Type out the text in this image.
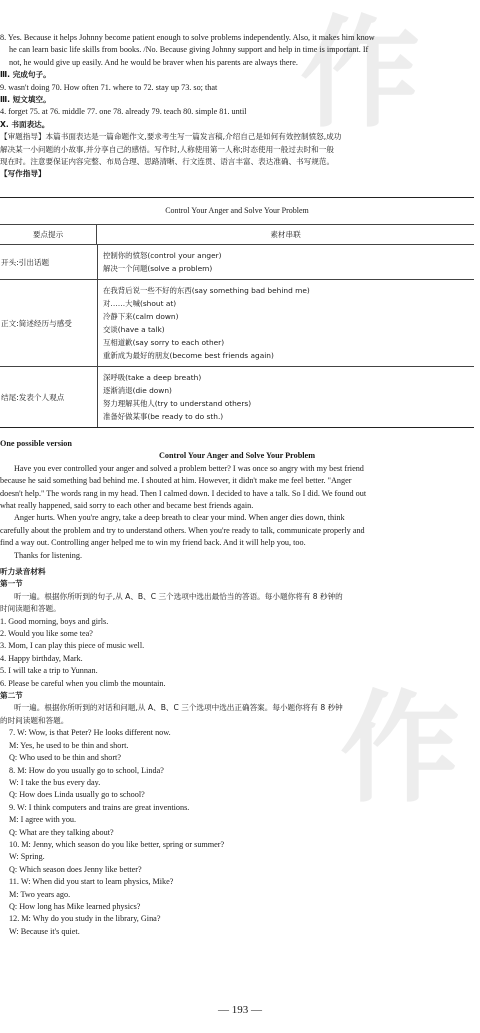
8. Yes. Because it helps Johnny become patient enough to solve problems independently. Also, it makes him know
he can learn basic life skills from books. /No. Because giving Johnny support and help in time is important. If
not, he would give up easily. And he would be braver when his parents are always there.
Ⅲ. 完成句子。
9. wasn't doing 70. How often 71. where to 72. stay up 73. so; that
Ⅲ. 短文填空。
4. forget 75. at 76. middle 77. one 78. already 79. teach 80. simple 81. until
X. 书面表达。
【审题指导】本篇书面表达是一篇命题作文,要求考生写一篇发言稿,介绍自己是如何有效控制愤怒,成功
解决某一小问题的小故事,并分享自己的感悟。写作时,人称使用第一人称;时态使用一般过去时和一般
现在时。注意要保证内容完整、布局合理、思路清晰、行文连贯、语言丰富、表达准确、书写规范。
【写作指导】
Control Your Anger and Solve Your Problem
要点提示	素材串联
开头:引出话题
控制你的愤怒(control your anger)
解决一个问题(solve a problem)
正文:简述经历与感受
在我背后说一些不好的东西(say something bad behind me)
对……大喊(shout at)
冷静下来(calm down)
交谈(have a talk)
互相道歉(say sorry to each other)
重新成为最好的朋友(become best friends again)
结尾:发表个人观点
深呼吸(take a deep breath)
逐渐消退(die down)
努力理解其他人(try to understand others)
准备好做某事(be ready to do sth.)
One possible version
Control Your Anger and Solve Your Problem
Have you ever controlled your anger and solved a problem better? I was once so angry with my best friend
because he said something bad behind me. I shouted at him. However, it didn't make me feel better. "Anger
doesn't help." The words rang in my head. Then I calmed down. I decided to have a talk. So I did. We found out
what really happened, said sorry to each other and became best friends again.
Anger hurts. When you're angry, take a deep breath to clear your mind. When anger dies down, think
carefully about the problem and try to understand others. When you're ready to talk, communicate properly and
find a way out. Controlling anger helped me to win my friend back. And it will help you, too.
Thanks for listening.
听力录音材料
第一节
听一遍。根据你所听到的句子,从 A、B、C 三个选项中选出最恰当的答语。每小题你将有 8 秒钟的
时间读题和答题。
1. Good morning, boys and girls.
2. Would you like some tea?
3. Mom, I can play this piece of music well.
4. Happy birthday, Mark.
5. I will take a trip to Yunnan.
6. Please be careful when you climb the mountain.
第二节
听一遍。根据你所听到的对话和问题,从 A、B、C 三个选项中选出正确答案。每小题你将有 8 秒钟
的时间读题和答题。
7. W: Wow, is that Peter? He looks different now.
M: Yes, he used to be thin and short.
Q: Who used to be thin and short?
8. M: How do you usually go to school, Linda?
W: I take the bus every day.
Q: How does Linda usually go to school?
9. W: I think computers and trains are great inventions.
M: I agree with you.
Q: What are they talking about?
10. M: Jenny, which season do you like better, spring or summer?
W: Spring.
Q: Which season does Jenny like better?
11. W: When did you start to learn physics, Mike?
M: Two years ago.
Q: How long has Mike learned physics?
12. M: Why do you study in the library, Gina?
W: Because it's quiet.
作
作
— 193 —
